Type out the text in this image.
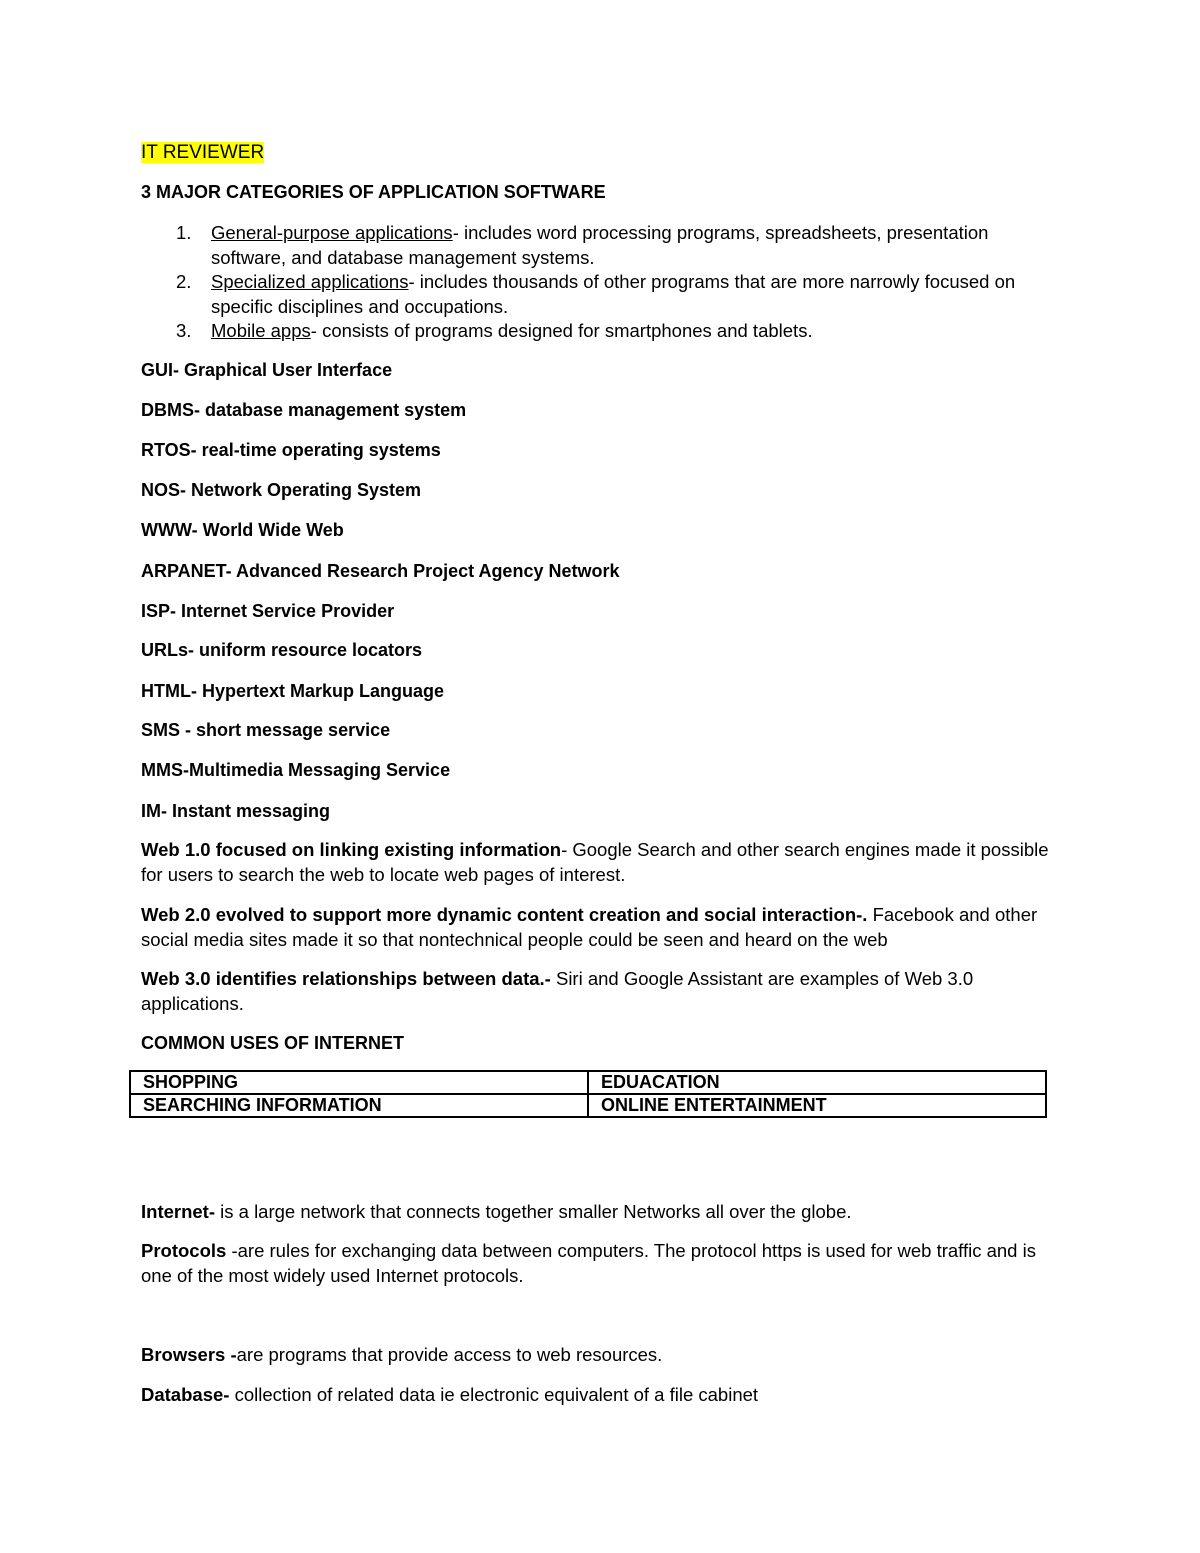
IT REVIEWER
3 MAJOR CATEGORIES OF APPLICATION SOFTWARE
1. General-purpose applications- includes word processing programs, spreadsheets, presentation software, and database management systems.
2. Specialized applications- includes thousands of other programs that are more narrowly focused on specific disciplines and occupations.
3. Mobile apps- consists of programs designed for smartphones and tablets.
GUI- Graphical User Interface
DBMS- database management system
RTOS- real-time operating systems
NOS- Network Operating System
WWW- World Wide Web
ARPANET- Advanced Research Project Agency Network
ISP- Internet Service Provider
URLs- uniform resource locators
HTML- Hypertext Markup Language
SMS - short message service
MMS-Multimedia Messaging Service
IM- Instant messaging
Web 1.0 focused on linking existing information- Google Search and other search engines made it possible for users to search the web to locate web pages of interest.
Web 2.0 evolved to support more dynamic content creation and social interaction-. Facebook and other social media sites made it so that nontechnical people could be seen and heard on the web
Web 3.0 identifies relationships between data.- Siri and Google Assistant are examples of Web 3.0 applications.
COMMON USES OF INTERNET
SHOPPING	EDUACATION
SEARCHING INFORMATION	ONLINE ENTERTAINMENT
Internet- is a large network that connects together smaller Networks all over the globe.
Protocols -are rules for exchanging data between computers. The protocol https is used for web traffic and is one of the most widely used Internet protocols.
Browsers -are programs that provide access to web resources.
Database- collection of related data ie electronic equivalent of a file cabinet
